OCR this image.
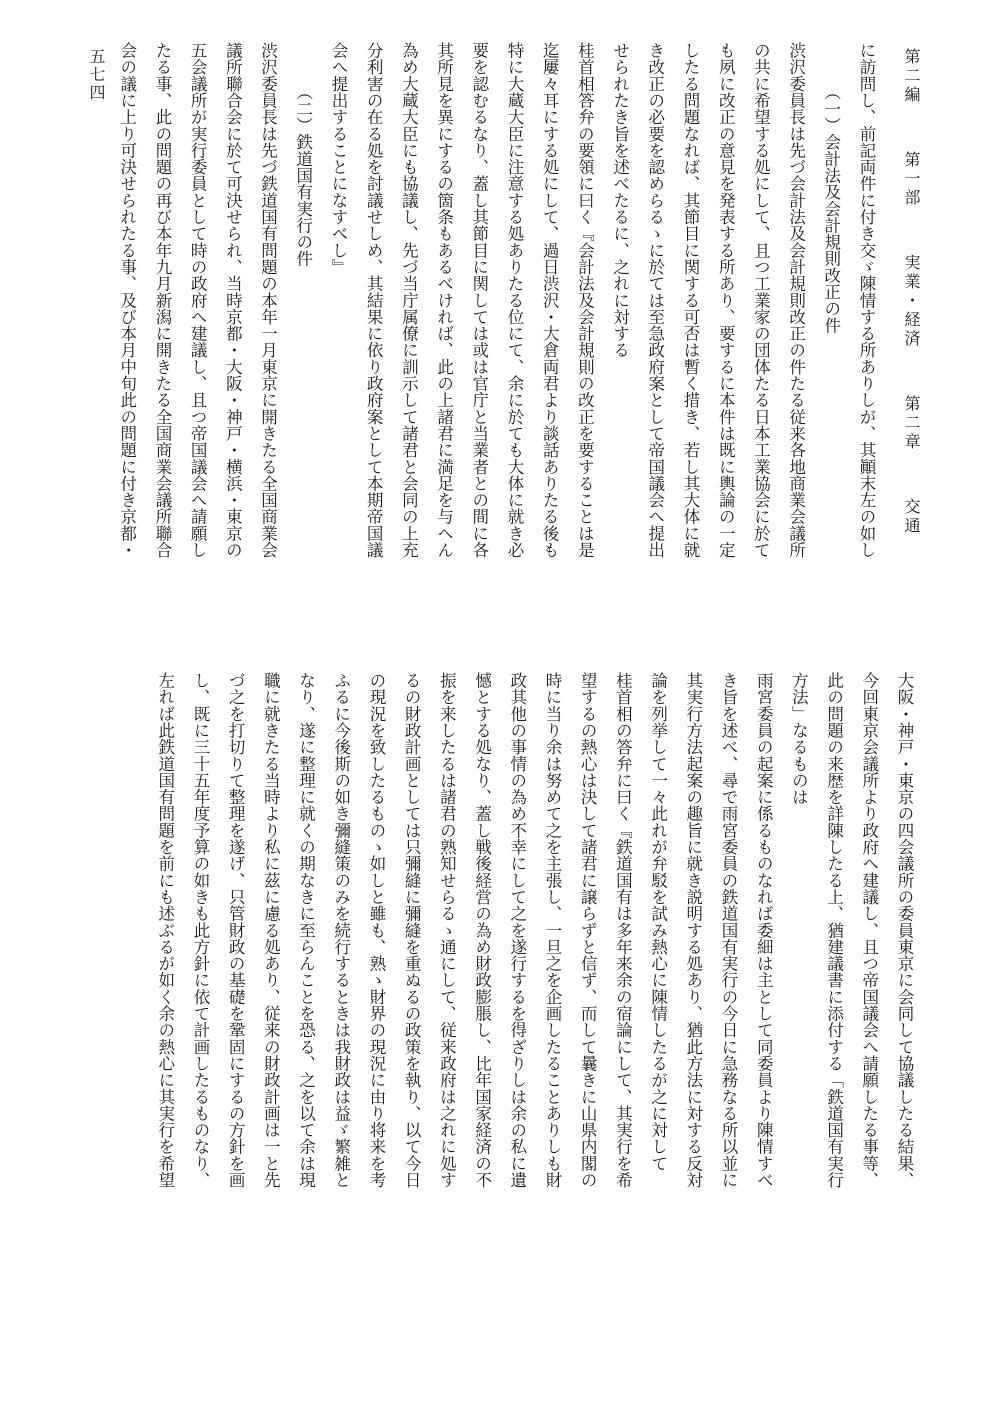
第二編 第一部 実業・経済 第二章 交通
五七四	に訪問し、前記両件に付き交ゞ陳情する所ありしが、其顚末左の如し

　　　（一）会計法及会計規則改正の件

渋沢委員長は先づ会計法及会計規則改正の件たる従来各地商業会議所

の共に希望する処にして、且つ工業家の団体たる日本工業協会に於て

も夙に改正の意見を発表する所あり、要するに本件は既に輿論の一定

したる問題なれば、其節目に関する可否は暫く措き、若し其大体に就

き改正の必要を認めらるゝに於ては至急政府案として帝国議会へ提出

せられたき旨を述べたるに、之れに対する

桂首相答弁の要領に曰く『会計法及会計規則の改正を要することは是

迄屢々耳にする処にして、過日渋沢・大倉両君より談話ありたる後も

特に大蔵大臣に注意する処ありたる位にて、余に於ても大体に就き必

要を認むるなり、蓋し其節目に関しては或は官庁と当業者との間に各

其所見を異にするの箇条もあるべければ、此の上諸君に満足を与へん

為め大蔵大臣にも協議し、先づ当庁属僚に訓示して諸君と会同の上充

分利害の在る処を討議せしめ、其結果に依り政府案として本期帝国議

会へ提出することになすべし』

　　　（二）鉄道国有実行の件

渋沢委員長は先づ鉄道国有問題の本年一月東京に開きたる全国商業会

議所聯合会に於て可決せられ、当時京都・大阪・神戸・横浜・東京の

五会議所が実行委員として時の政府へ建議し、且つ帝国議会へ請願し

たる事、此の問題の再び本年九月新潟に開きたる全国商業会議所聯合

会の議に上り可決せられたる事、及び本月中旬此の問題に付き京都・

大阪・神戸・東京の四会議所の委員東京に会同して協議したる結果、

今回東京会議所より政府へ建議し、且つ帝国議会へ請願したる事等、

此の問題の来歴を詳陳したる上、猶建議書に添付する「鉄道国有実行

方法」なるものは

雨宮委員の起案に係るものなれば委細は主として同委員より陳情すべ

き旨を述べ、尋で雨宮委員の鉄道国有実行の今日に急務なる所以並に

其実行方法起案の趣旨に就き説明する処あり、猶此方法に対する反対

論を列挙して一々此れが弁駁を試み熱心に陳情したるが之に対して

桂首相の答弁に曰く『鉄道国有は多年来余の宿論にして、其実行を希

望するの熱心は決して諸君に譲らずと信ず、而して曩きに山県内閣の

時に当り余は努めて之を主張し、一旦之を企画したることありしも財

政其他の事情の為め不幸にして之を遂行するを得ざりしは余の私に遺

憾とする処なり、蓋し戦後経営の為め財政膨脹し、比年国家経済の不

振を来したるは諸君の熟知せらるゝ通にして、従来政府は之れに処す

るの財政計画としては只彌縫に彌縫を重ぬるの政策を執り、以て今日

の現況を致したるものゝ如しと雖も、熟ゝ財界の現況に由り将来を考

ふるに今後斯の如き彌縫策のみを続行するときは我財政は益ゞ繁雑と

なり、遂に整理に就くの期なきに至らんことを恐る、之を以て余は現

職に就きたる当時より私に茲に慮る処あり、従来の財政計画は一と先

づ之を打切りて整理を遂げ、只管財政の基礎を鞏固にするの方針を画

し、既に三十五年度予算の如きも此方針に依て計画したるものなり、

左れば此鉄道国有問題を前にも述ぶるが如く余の熱心に其実行を希望
